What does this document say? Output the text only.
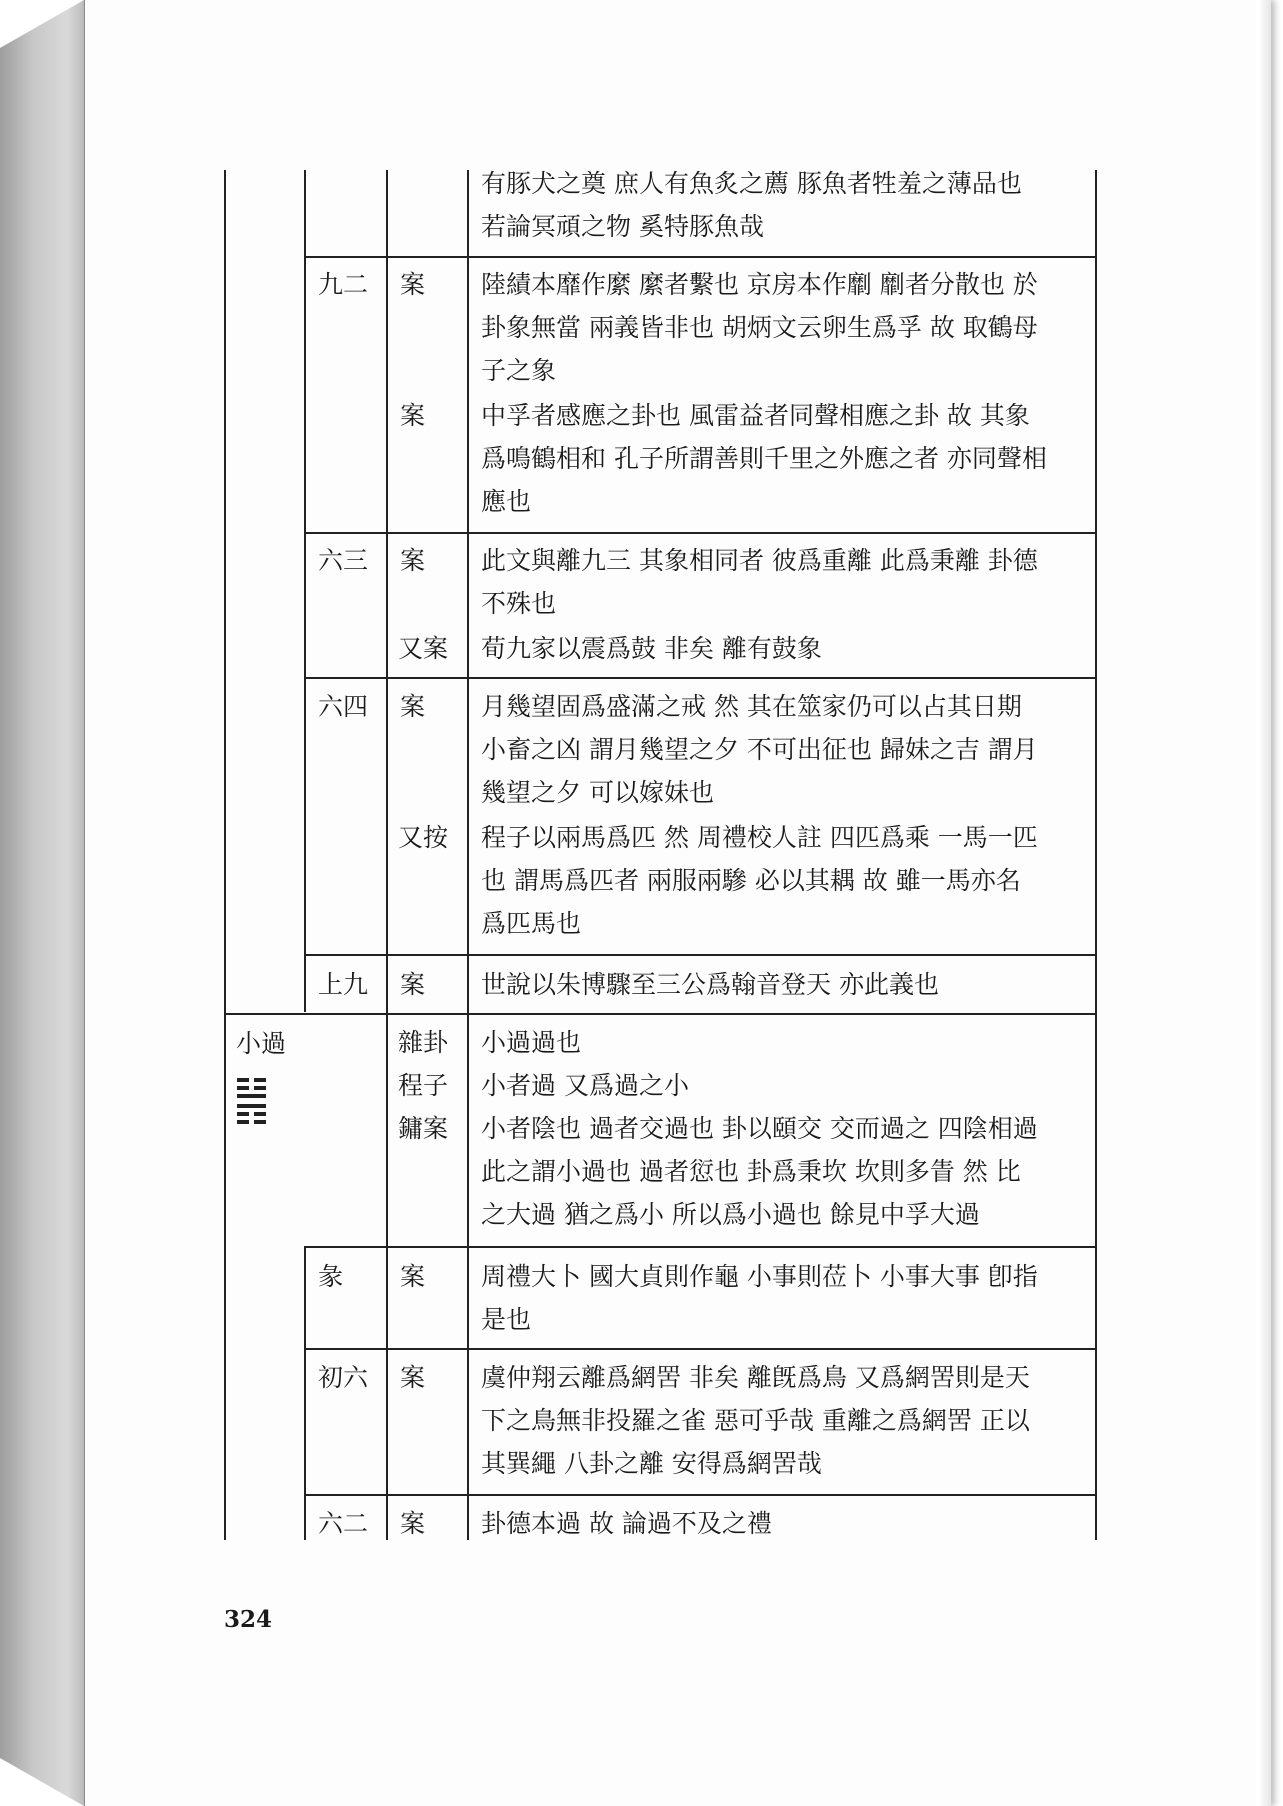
有豚犬之奠 庶人有魚炙之薦 豚魚者牲羞之薄品也
若論冥頑之物 奚特豚魚哉
九二 案 陸績本靡作縻 縻者繫也 京房本作劘 劘者分散也 於
卦象無當 兩義皆非也 胡炳文云卵生爲孚 故 取鶴母
子之象
案 中孚者感應之卦也 風雷益者同聲相應之卦 故 其象
爲鳴鶴相和 孔子所謂善則千里之外應之者 亦同聲相
應也
六三 案 此文與離九三 其象相同者 彼爲重離 此爲秉離 卦德
不殊也
又案 荀九家以震爲鼓 非矣 離有鼓象
六四 案 月幾望固爲盛滿之戒 然 其在筮家仍可以占其日期
小畜之凶 謂月幾望之夕 不可出征也 歸妹之吉 謂月
幾望之夕 可以嫁妹也
又按 程子以兩馬爲匹 然 周禮校人註 四匹爲乘 一馬一匹
也 謂馬爲匹者 兩服兩驂 必以其耦 故 雖一馬亦名
爲匹馬也
上九 案 世說以朱博驟至三公爲翰音登天 亦此義也
小過	雜卦 小過過也
程子 小者過 又爲過之小
鏞案 小者陰也 過者交過也 卦以頤交 交而過之 四陰相過
此之謂小過也 過者愆也 卦爲秉坎 坎則多眚 然 比
之大過 猶之爲小 所以爲小過也 餘見中孚大過
彖 案 周禮大卜 國大貞則作龜 小事則莅卜 小事大事 卽指
是也
初六 案 虞仲翔云離爲網罟 非矣 離旣爲鳥 又爲網罟則是天
下之鳥無非投羅之雀 惡可乎哉 重離之爲網罟 正以
其巽繩 八卦之離 安得爲網罟哉
六二 案 卦德本過 故 論過不及之禮
324
